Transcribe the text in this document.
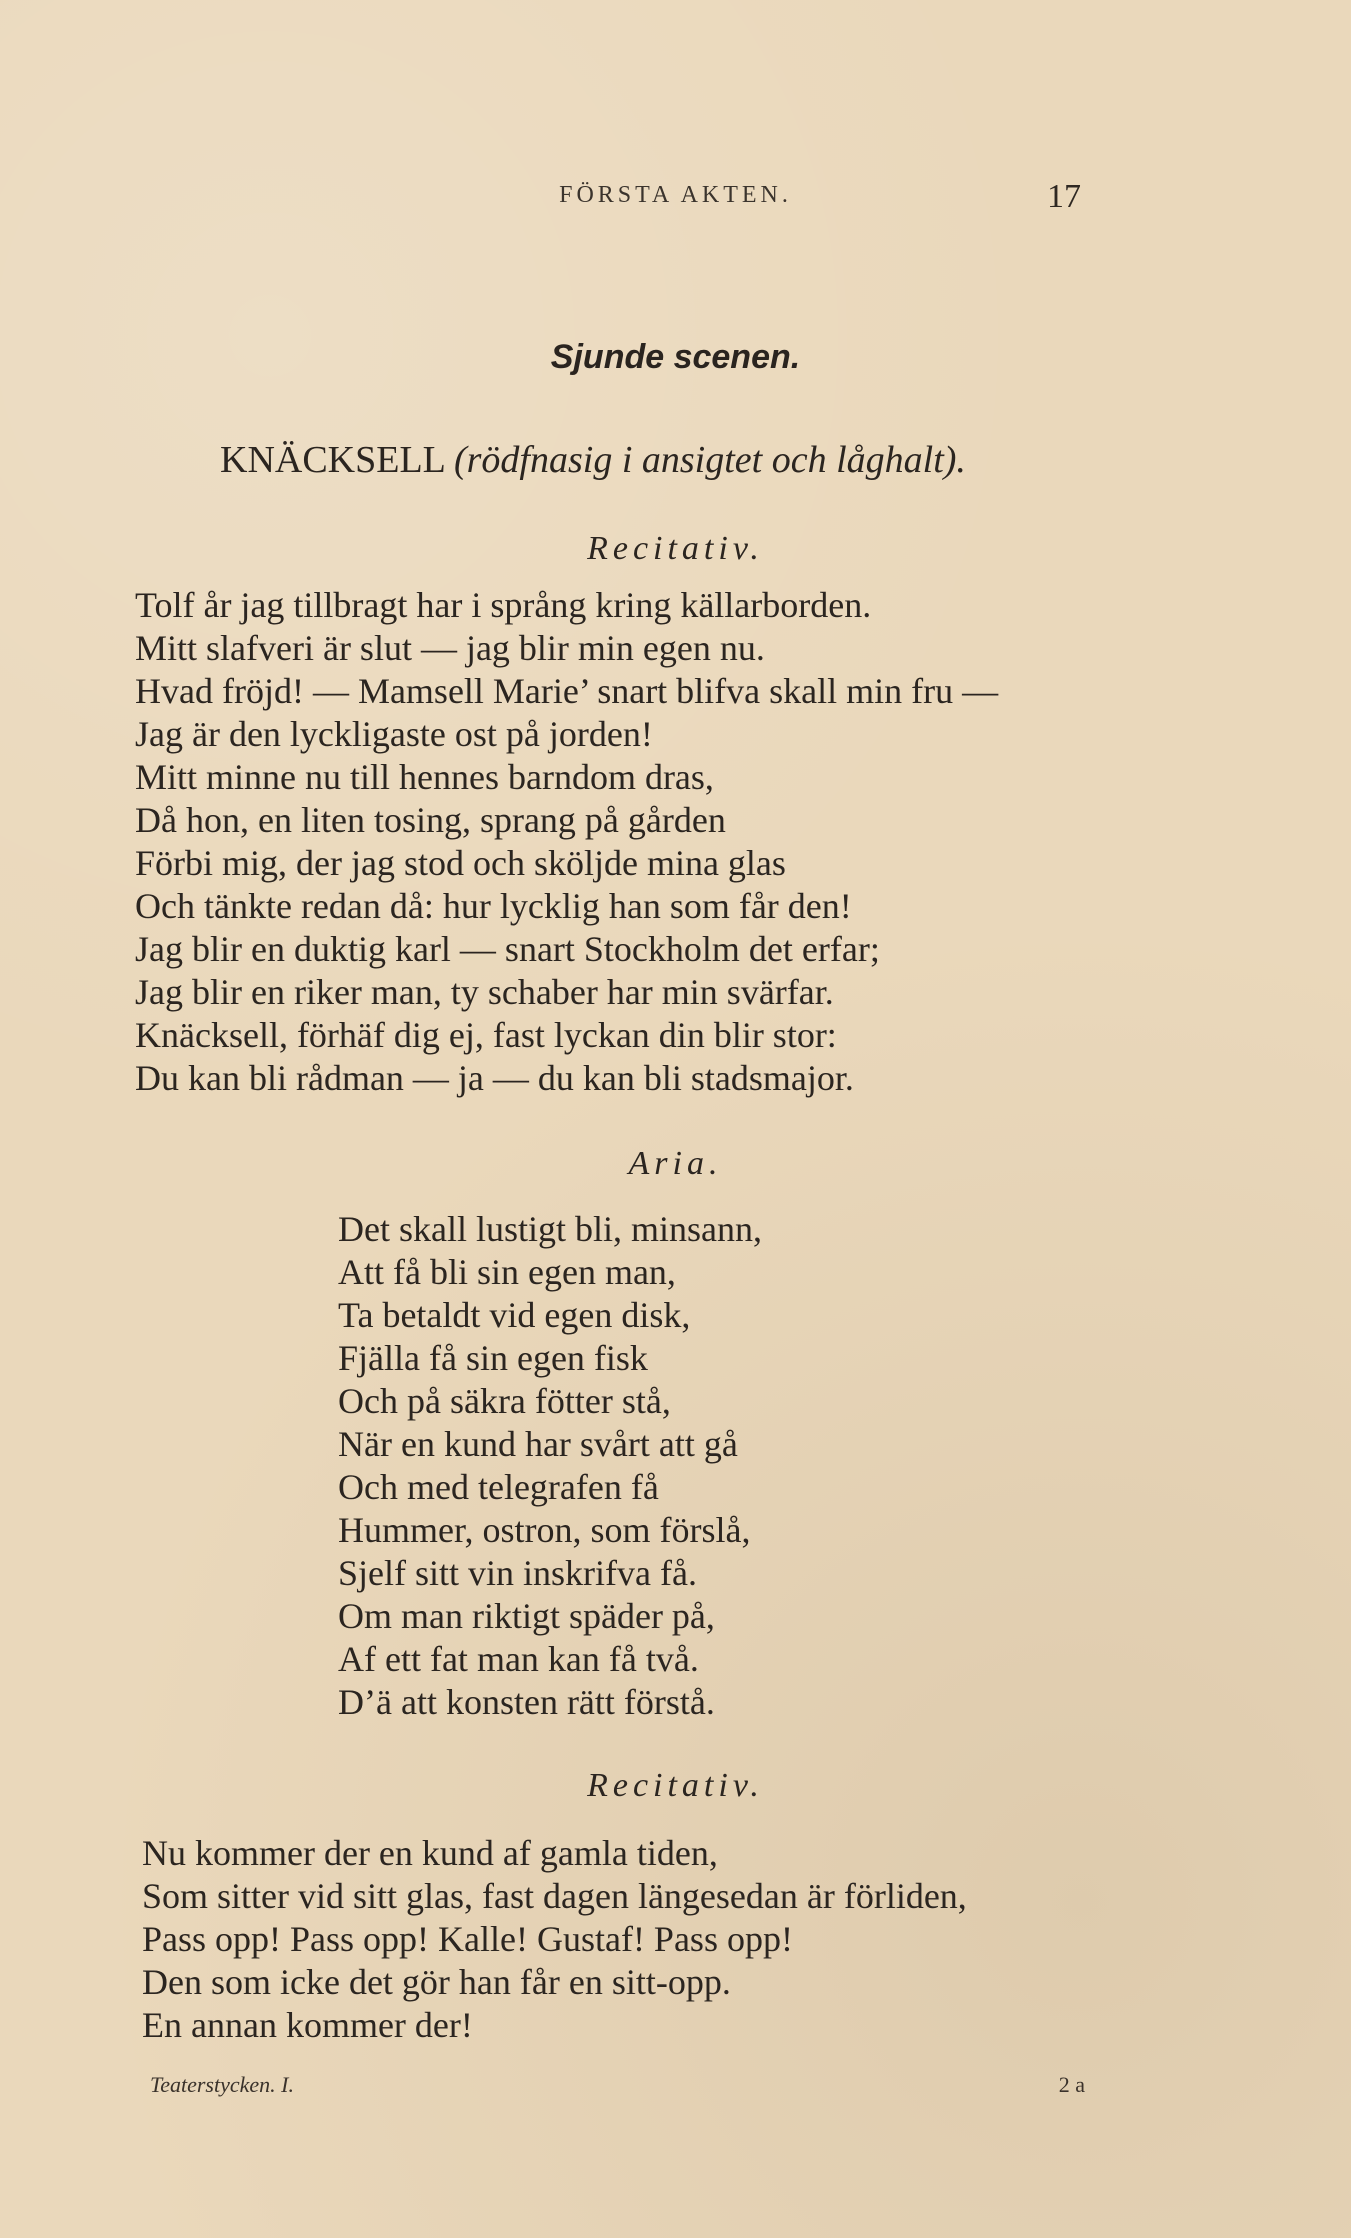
FÖRSTA AKTEN.	17
Sjunde scenen.
KNÄCKSELL (rödfnasig i ansigtet och låghalt).
Recitativ.
Tolf år jag tillbragt har i språng kring källarborden.
Mitt slafveri är slut — jag blir min egen nu.
Hvad fröjd! — Mamsell Marie’ snart blifva skall min fru —
Jag är den lyckligaste ost på jorden!
Mitt minne nu till hennes barndom dras,
Då hon, en liten tosing, sprang på gården
Förbi mig, der jag stod och sköljde mina glas
Och tänkte redan då: hur lycklig han som får den!
Jag blir en duktig karl — snart Stockholm det erfar;
Jag blir en riker man, ty schaber har min svärfar.
Knäcksell, förhäf dig ej, fast lyckan din blir stor:
Du kan bli rådman — ja — du kan bli stadsmajor.
Aria.
Det skall lustigt bli, minsann,
Att få bli sin egen man,
Ta betaldt vid egen disk,
Fjälla få sin egen fisk
Och på säkra fötter stå,
När en kund har svårt att gå
Och med telegrafen få
Hummer, ostron, som förslå,
Sjelf sitt vin inskrifva få.
Om man riktigt späder på,
Af ett fat man kan få två.
D’ä att konsten rätt förstå.
Recitativ.
Nu kommer der en kund af gamla tiden,
Som sitter vid sitt glas, fast dagen längesedan är förliden,
Pass opp! Pass opp! Kalle! Gustaf! Pass opp!
Den som icke det gör han får en sitt-opp.
En annan kommer der!
Teaterstycken. I.	2 a
